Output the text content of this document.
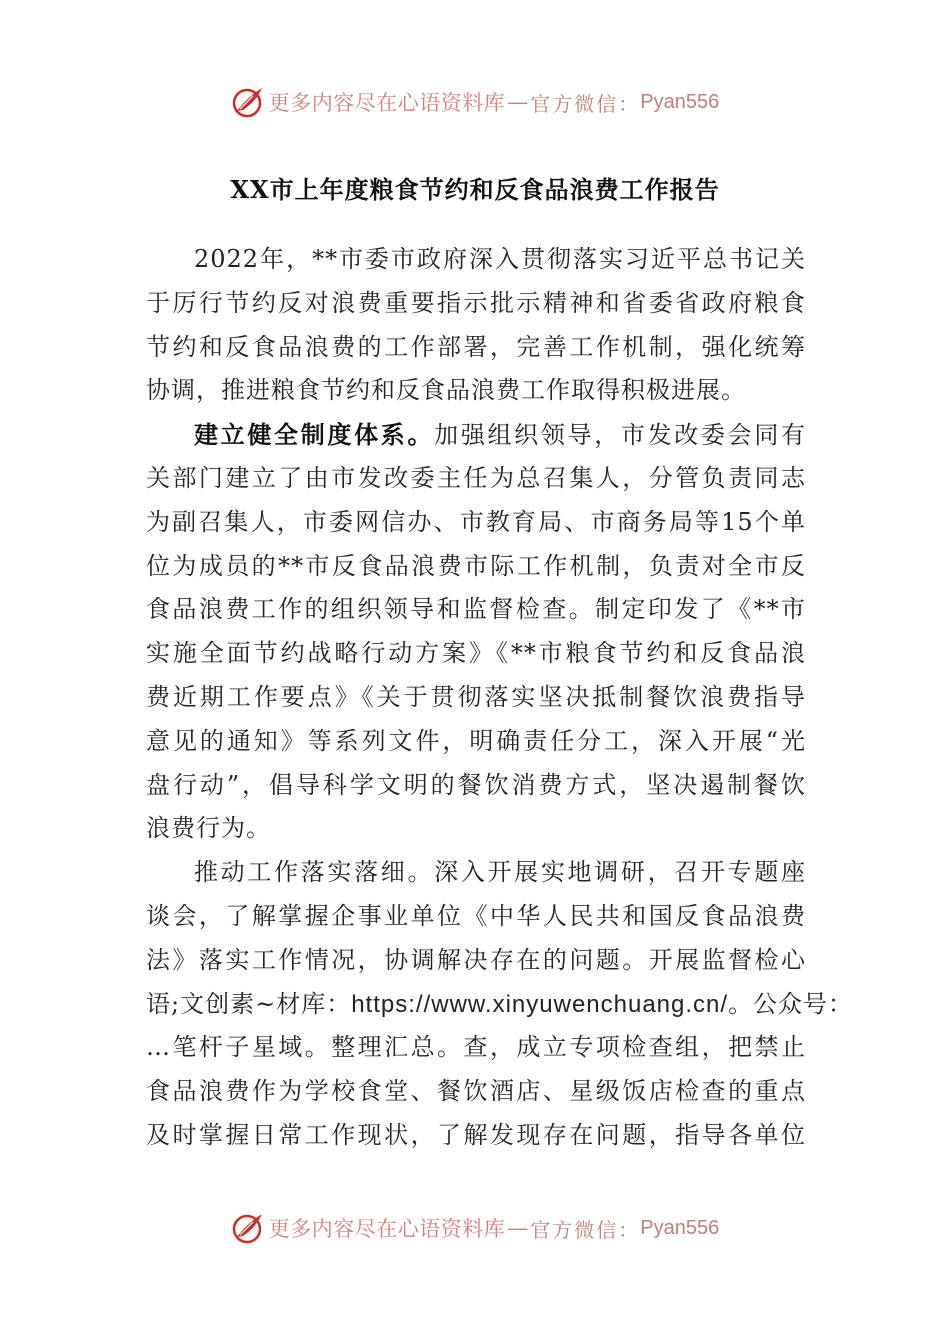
更多内容尽在心语资料库 — 官方微信： Pyan556
XX市上年度粮食节约和反食品浪费工作报告
2022年，**市委市政府深入贯彻落实习近平总书记关
于厉行节约反对浪费重要指示批示精神和省委省政府粮食
节约和反食品浪费的工作部署，完善工作机制，强化统筹
协调，推进粮食节约和反食品浪费工作取得积极进展。
建立健全制度体系。加强组织领导，市发改委会同有
关部门建立了由市发改委主任为总召集人，分管负责同志
为副召集人，市委网信办、市教育局、市商务局等15个单
位为成员的**市反食品浪费市际工作机制，负责对全市反
食品浪费工作的组织领导和监督检查。制定印发了《**市
实施全面节约战略行动方案》《**市粮食节约和反食品浪
费近期工作要点》《关于贯彻落实坚决抵制餐饮浪费指导
意见的通知》等系列文件，明确责任分工，深入开展“光
盘行动”，倡导科学文明的餐饮消费方式，坚决遏制餐饮
浪费行为。
推动工作落实落细。深入开展实地调研，召开专题座
谈会，了解掌握企事业单位《中华人民共和国反食品浪费
法》落实工作情况，协调解决存在的问题。开展监督检心
语;文创素~材库：https://www.xinyuwenchuang.cn/。公众号：
…笔杆子星域。整理汇总。查，成立专项检查组，把禁止
食品浪费作为学校食堂、餐饮酒店、星级饭店检查的重点
及时掌握日常工作现状，了解发现存在问题，指导各单位
更多内容尽在心语资料库 — 官方微信： Pyan556
